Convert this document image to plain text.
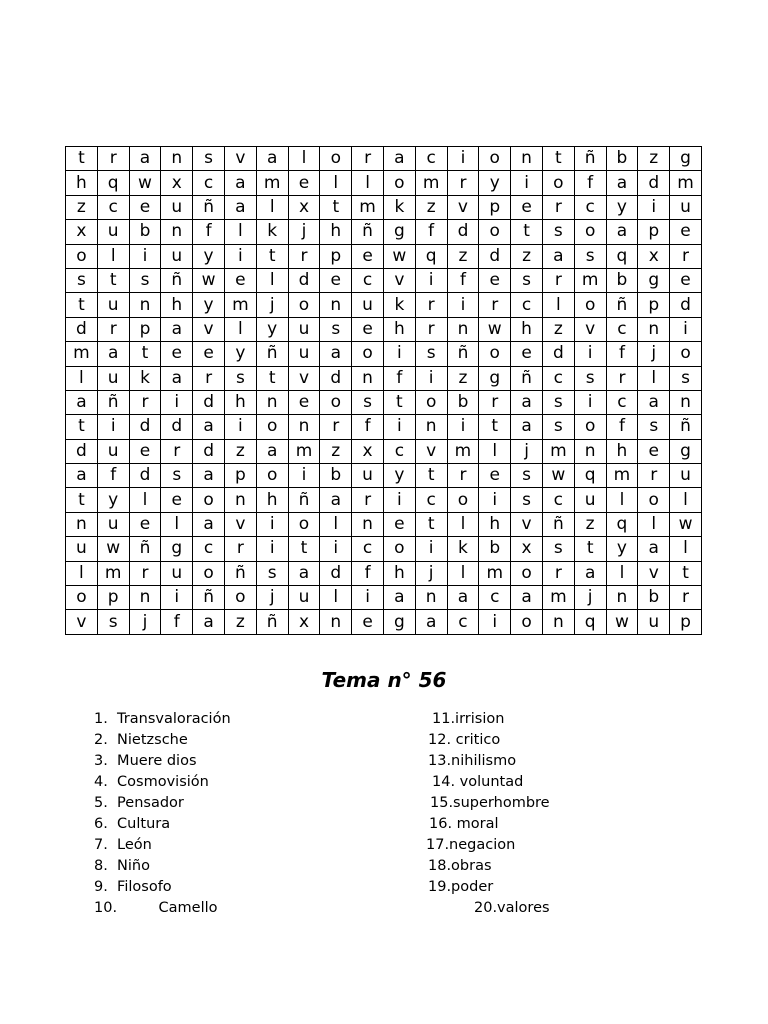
t	r	a	n	s	v	a	l	o	r	a	c	i	o	n	t	ñ	b	z	g
h	q	w	x	c	a	m	e	l	l	o	m	r	y	i	o	f	a	d	m
z	c	e	u	ñ	a	l	x	t	m	k	z	v	p	e	r	c	y	i	u
x	u	b	n	f	l	k	j	h	ñ	g	f	d	o	t	s	o	a	p	e
o	l	i	u	y	i	t	r	p	e	w	q	z	d	z	a	s	q	x	r
s	t	s	ñ	w	e	l	d	e	c	v	i	f	e	s	r	m	b	g	e
t	u	n	h	y	m	j	o	n	u	k	r	i	r	c	l	o	ñ	p	d
d	r	p	a	v	l	y	u	s	e	h	r	n	w	h	z	v	c	n	i
m	a	t	e	e	y	ñ	u	a	o	i	s	ñ	o	e	d	i	f	j	o
l	u	k	a	r	s	t	v	d	n	f	i	z	g	ñ	c	s	r	l	s
a	ñ	r	i	d	h	n	e	o	s	t	o	b	r	a	s	i	c	a	n
t	i	d	d	a	i	o	n	r	f	i	n	i	t	a	s	o	f	s	ñ
d	u	e	r	d	z	a	m	z	x	c	v	m	l	j	m	n	h	e	g
a	f	d	s	a	p	o	i	b	u	y	t	r	e	s	w	q	m	r	u
t	y	l	e	o	n	h	ñ	a	r	i	c	o	i	s	c	u	l	o	l
n	u	e	l	a	v	i	o	l	n	e	t	l	h	v	ñ	z	q	l	w
u	w	ñ	g	c	r	i	t	i	c	o	i	k	b	x	s	t	y	a	l
l	m	r	u	o	ñ	s	a	d	f	h	j	l	m	o	r	a	l	v	t
o	p	n	i	ñ	o	j	u	l	i	a	n	a	c	a	m	j	n	b	r
v	s	j	f	a	z	ñ	x	n	e	g	a	c	i	o	n	q	w	u	p
Tema n° 56
1.  Transvaloración
2.  Nietzsche
3.  Muere dios
4.  Cosmovisión
5.  Pensador
6.  Cultura
7.  León
8.  Niño
9.  Filosofo
10.         Camello
11.irrision
12. critico
13.nihilismo
14. voluntad
15.superhombre
16. moral
17.negacion
18.obras
19.poder
20.valores
